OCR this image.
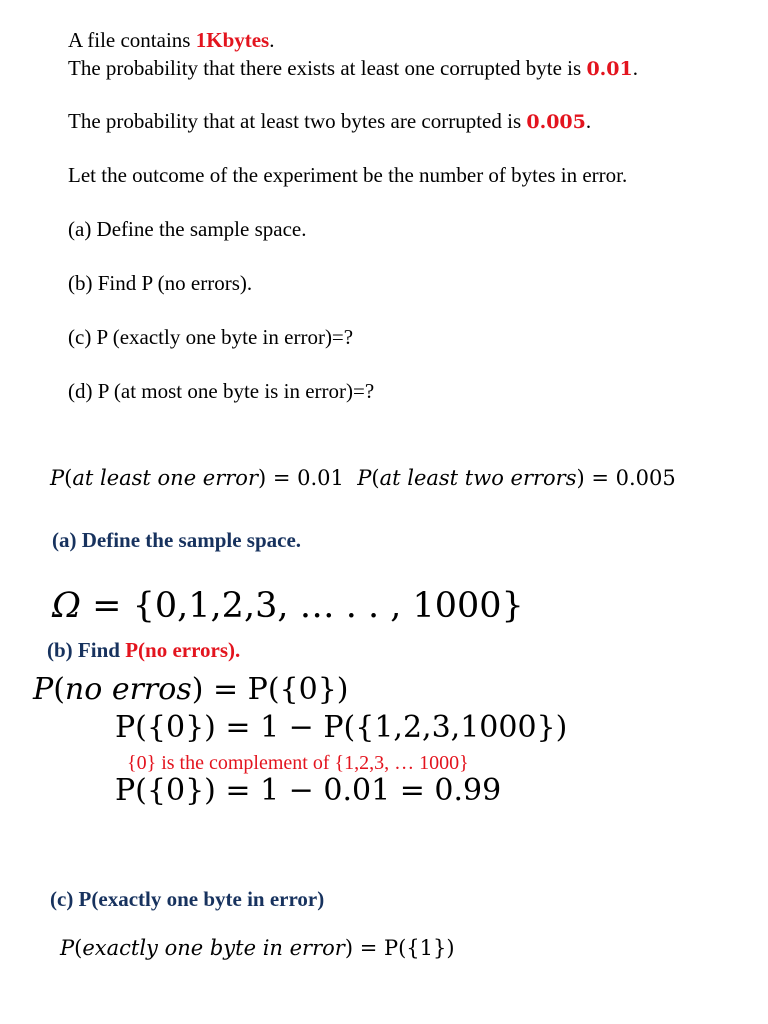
A file contains 1Kbytes.
The probability that there exists at least one corrupted byte is 0.01.
The probability that at least two bytes are corrupted is 0.005.
Let the outcome of the experiment be the number of bytes in error.
(a) Define the sample space.
(b) Find P (no errors).
(c) P (exactly one byte in error)=?
(d) P (at most one byte is in error)=?
P(at least one error) = 0.01 P(at least two errors) = 0.005
(a) Define the sample space.
Ω = {0,1,2,3, … . . , 1000}
(b) Find P(no errors).
P(no erros) = P({0})
P({0}) = 1 − P({1,2,3,1000})
{0} is the complement of {1,2,3, … 1000}
P({0}) = 1 − 0.01 = 0.99
(c) P(exactly one byte in error)
P(exactly one byte in error) = P({1})
